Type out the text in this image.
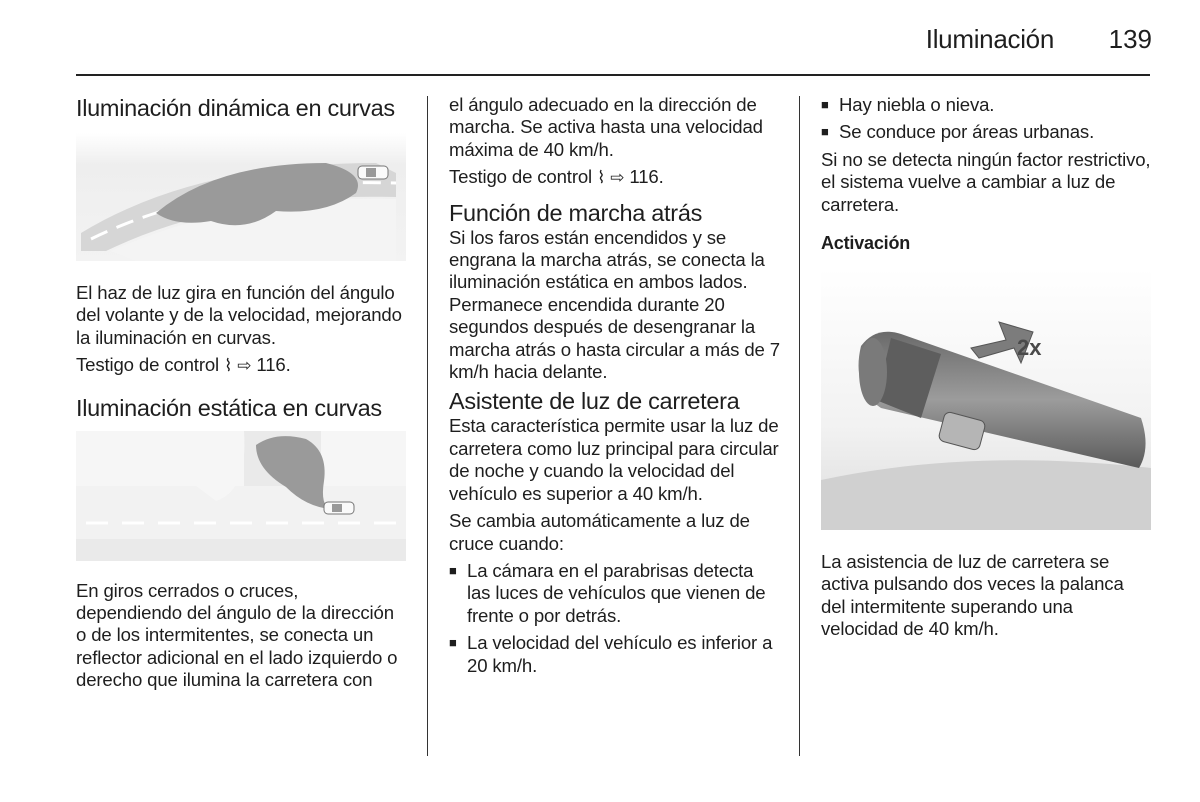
Iluminación 139
Iluminación dinámica en curvas

El haz de luz gira en función del ángulo del volante y de la velocidad, mejorando la iluminación en curvas.

Testigo de control ⌇ ⇨ 116.

Iluminación estática en curvas

En giros cerrados o cruces, dependiendo del ángulo de la dirección o de los intermitentes, se conecta un reflector adicional en el lado izquierdo o derecho que ilumina la carretera con

el ángulo adecuado en la dirección de marcha. Se activa hasta una velocidad máxima de 40 km/h.

Testigo de control ⌇ ⇨ 116.

Función de marcha atrás

Si los faros están encendidos y se engrana la marcha atrás, se conecta la iluminación estática en ambos lados. Permanece encendida durante 20 segundos después de desengranar la marcha atrás o hasta circular a más de 7 km/h hacia delante.

Asistente de luz de carretera

Esta característica permite usar la luz de carretera como luz principal para circular de noche y cuando la velocidad del vehículo es superior a 40 km/h.

Se cambia automáticamente a luz de cruce cuando:

■ La cámara en el parabrisas detecta las luces de vehículos que vienen de frente o por detrás.
■ La velocidad del vehículo es inferior a 20 km/h.
■ Hay niebla o nieva.
■ Se conduce por áreas urbanas.

Si no se detecta ningún factor restrictivo, el sistema vuelve a cambiar a luz de carretera.

Activación
2x

La asistencia de luz de carretera se activa pulsando dos veces la palanca del intermitente superando una velocidad de 40 km/h.
